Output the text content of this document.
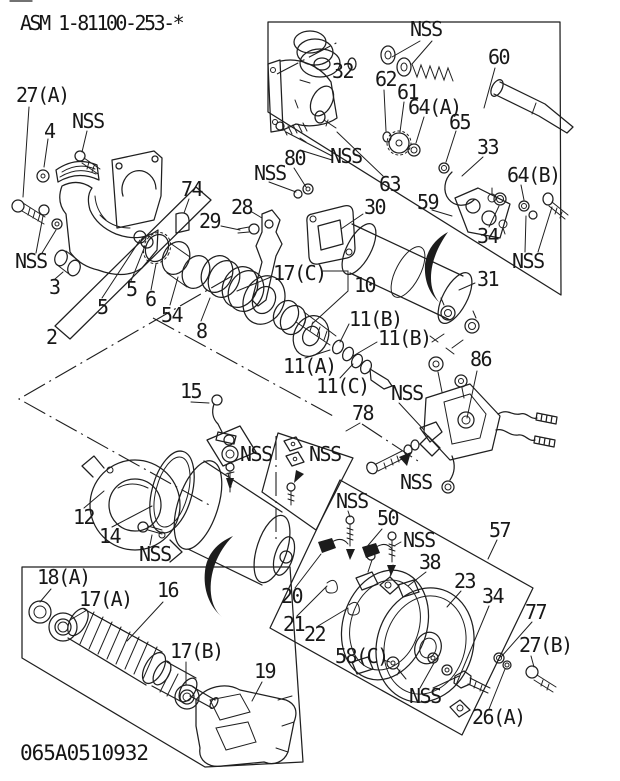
ASM 1-81100-253-*
065A0510932
27(A)
4 NSS
NSS
3
2
5
5 6
54
8
74
29
28
NSS
80
32
NSS
62
61
64(A)
65
60
33
63
NSS
30 59
34
64(B)
NSS
31
17(C) 10
11(B)
11(B)
11(A)
11(C)
15
78
NSS
86
NSS NSS
NSS
12
14
NSS
NSS
50
NSS
38
23
34
57
77
27(B)
58(C)
NSS
26(A)
18(A)
17(A) 16
17(B)
19
20
21 22
